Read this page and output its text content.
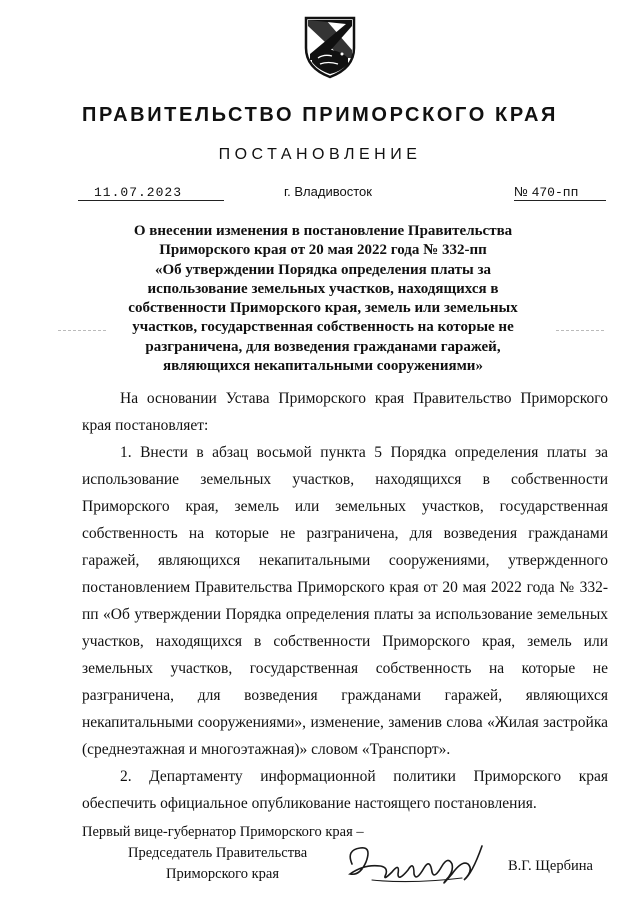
ПРАВИТЕЛЬСТВО ПРИМОРСКОГО КРАЯ
ПОСТАНОВЛЕНИЕ
11.07.2023	г. Владивосток	№ 470-пп
О внесении изменения в постановление Правительства
Приморского края от 20 мая 2022 года № 332-пп
«Об утверждении Порядка определения платы за
использование земельных участков, находящихся в
собственности Приморского края, земель или земельных
участков, государственная собственность на которые не
разграничена, для возведения гражданами гаражей,
являющихся некапитальными сооружениями»

На основании Устава Приморского края Правительство Приморского края постановляет:

1. Внести в абзац восьмой пункта 5 Порядка определения платы за использование земельных участков, находящихся в собственности Приморского края, земель или земельных участков, государственная собственность на которые не разграничена, для возведения гражданами гаражей, являющихся некапитальными сооружениями, утвержденного постановлением Правительства Приморского края от 20 мая 2022 года № 332-пп «Об утверждении Порядка определения платы за использование земельных участков, находящихся в собственности Приморского края, земель или земельных участков, государственная собственность на которые не разграничена, для возведения гражданами гаражей, являющихся некапитальными сооружениями», изменение, заменив слова «Жилая застройка (среднеэтажная и многоэтажная)» словом «Транспорт».

2. Департаменту информационной политики Приморского края обеспечить официальное опубликование настоящего постановления.

Первый вице-губернатор Приморского края –
Председатель Правительства
Приморского края	В.Г. Щербина
